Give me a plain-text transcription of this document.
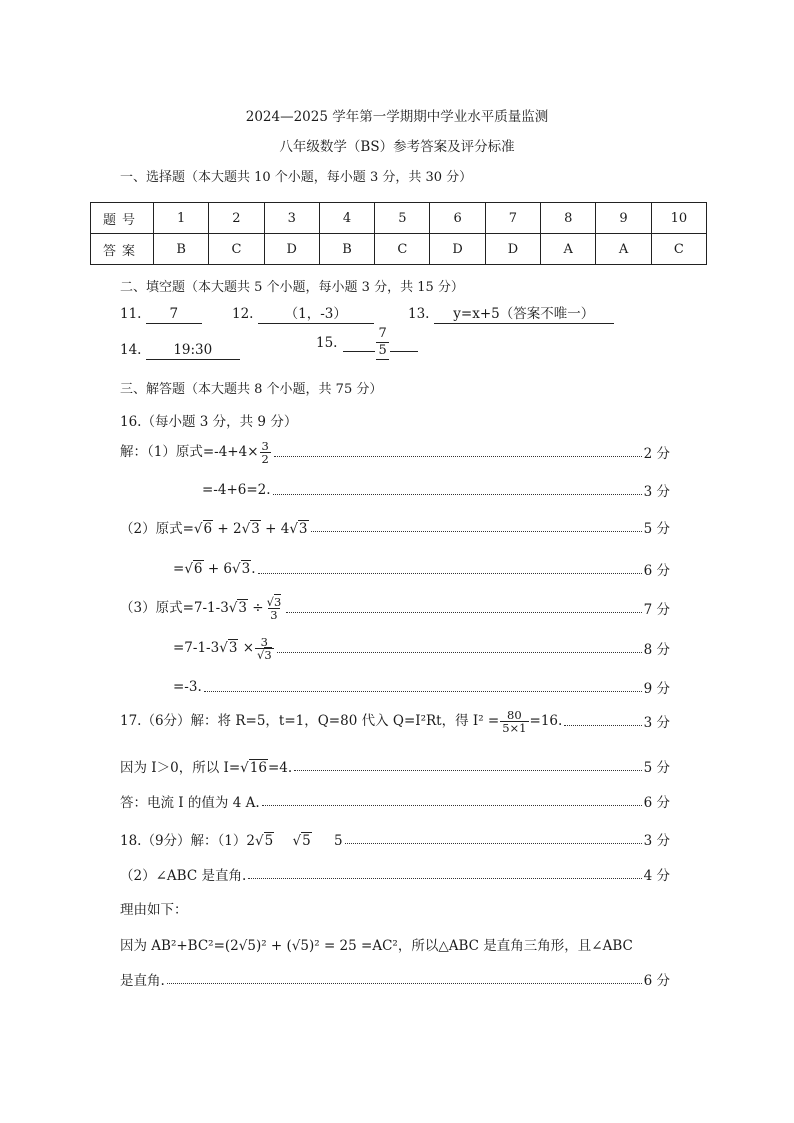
2024—2025 学年第一学期期中学业水平质量监测
八年级数学（BS）参考答案及评分标准
一、选择题（本大题共 10 个小题，每小题 3 分，共 30 分）
题号	1	2	3	4	5	6	7	8	9	10
答案	B	C	D	B	C	D	D	A	A	C
二、填空题（本大题共 5 个小题，每小题 3 分，共 15 分）
11. 7	12. （1，-3）	13. y=x+5（答案不唯一）
14. 19:30	15.	$\frac{7}{5}$
三、解答题（本大题共 8 个小题，共 75 分）
16.（每小题 3 分，共 9 分）
解：（1）原式$=-4+4\times \frac{3}{2}$	2 分
=-4+6=2.	3 分
（2）原式=√6 + 2√3 + 4√3	5 分
=√6 + 6√3.	6 分
（3）原式$=7-1-3√3 \div \frac{√3}{3}$	7 分
$=7-1-3√3 \times \frac{3}{√3}$	8 分
=-3.	9 分
17.（6分）解：将 R=5，t=1，Q=80 代入 Q=I²Rt，得 $I^2 = \frac{80}{5\times 1} =16$.	3 分
因为 I＞0，所以 I=√16=4.	5 分
答：电流 I 的值为 4 A.	6 分
18.（9分）解：（1）2√5 √5 5	3 分
（2）∠ABC 是直角.	4 分
理由如下：
因为 AB²+BC²=(2√5)² + (√5)² = 25 =AC²，所以△ABC 是直角三角形，且∠ABC
是直角.	6 分
